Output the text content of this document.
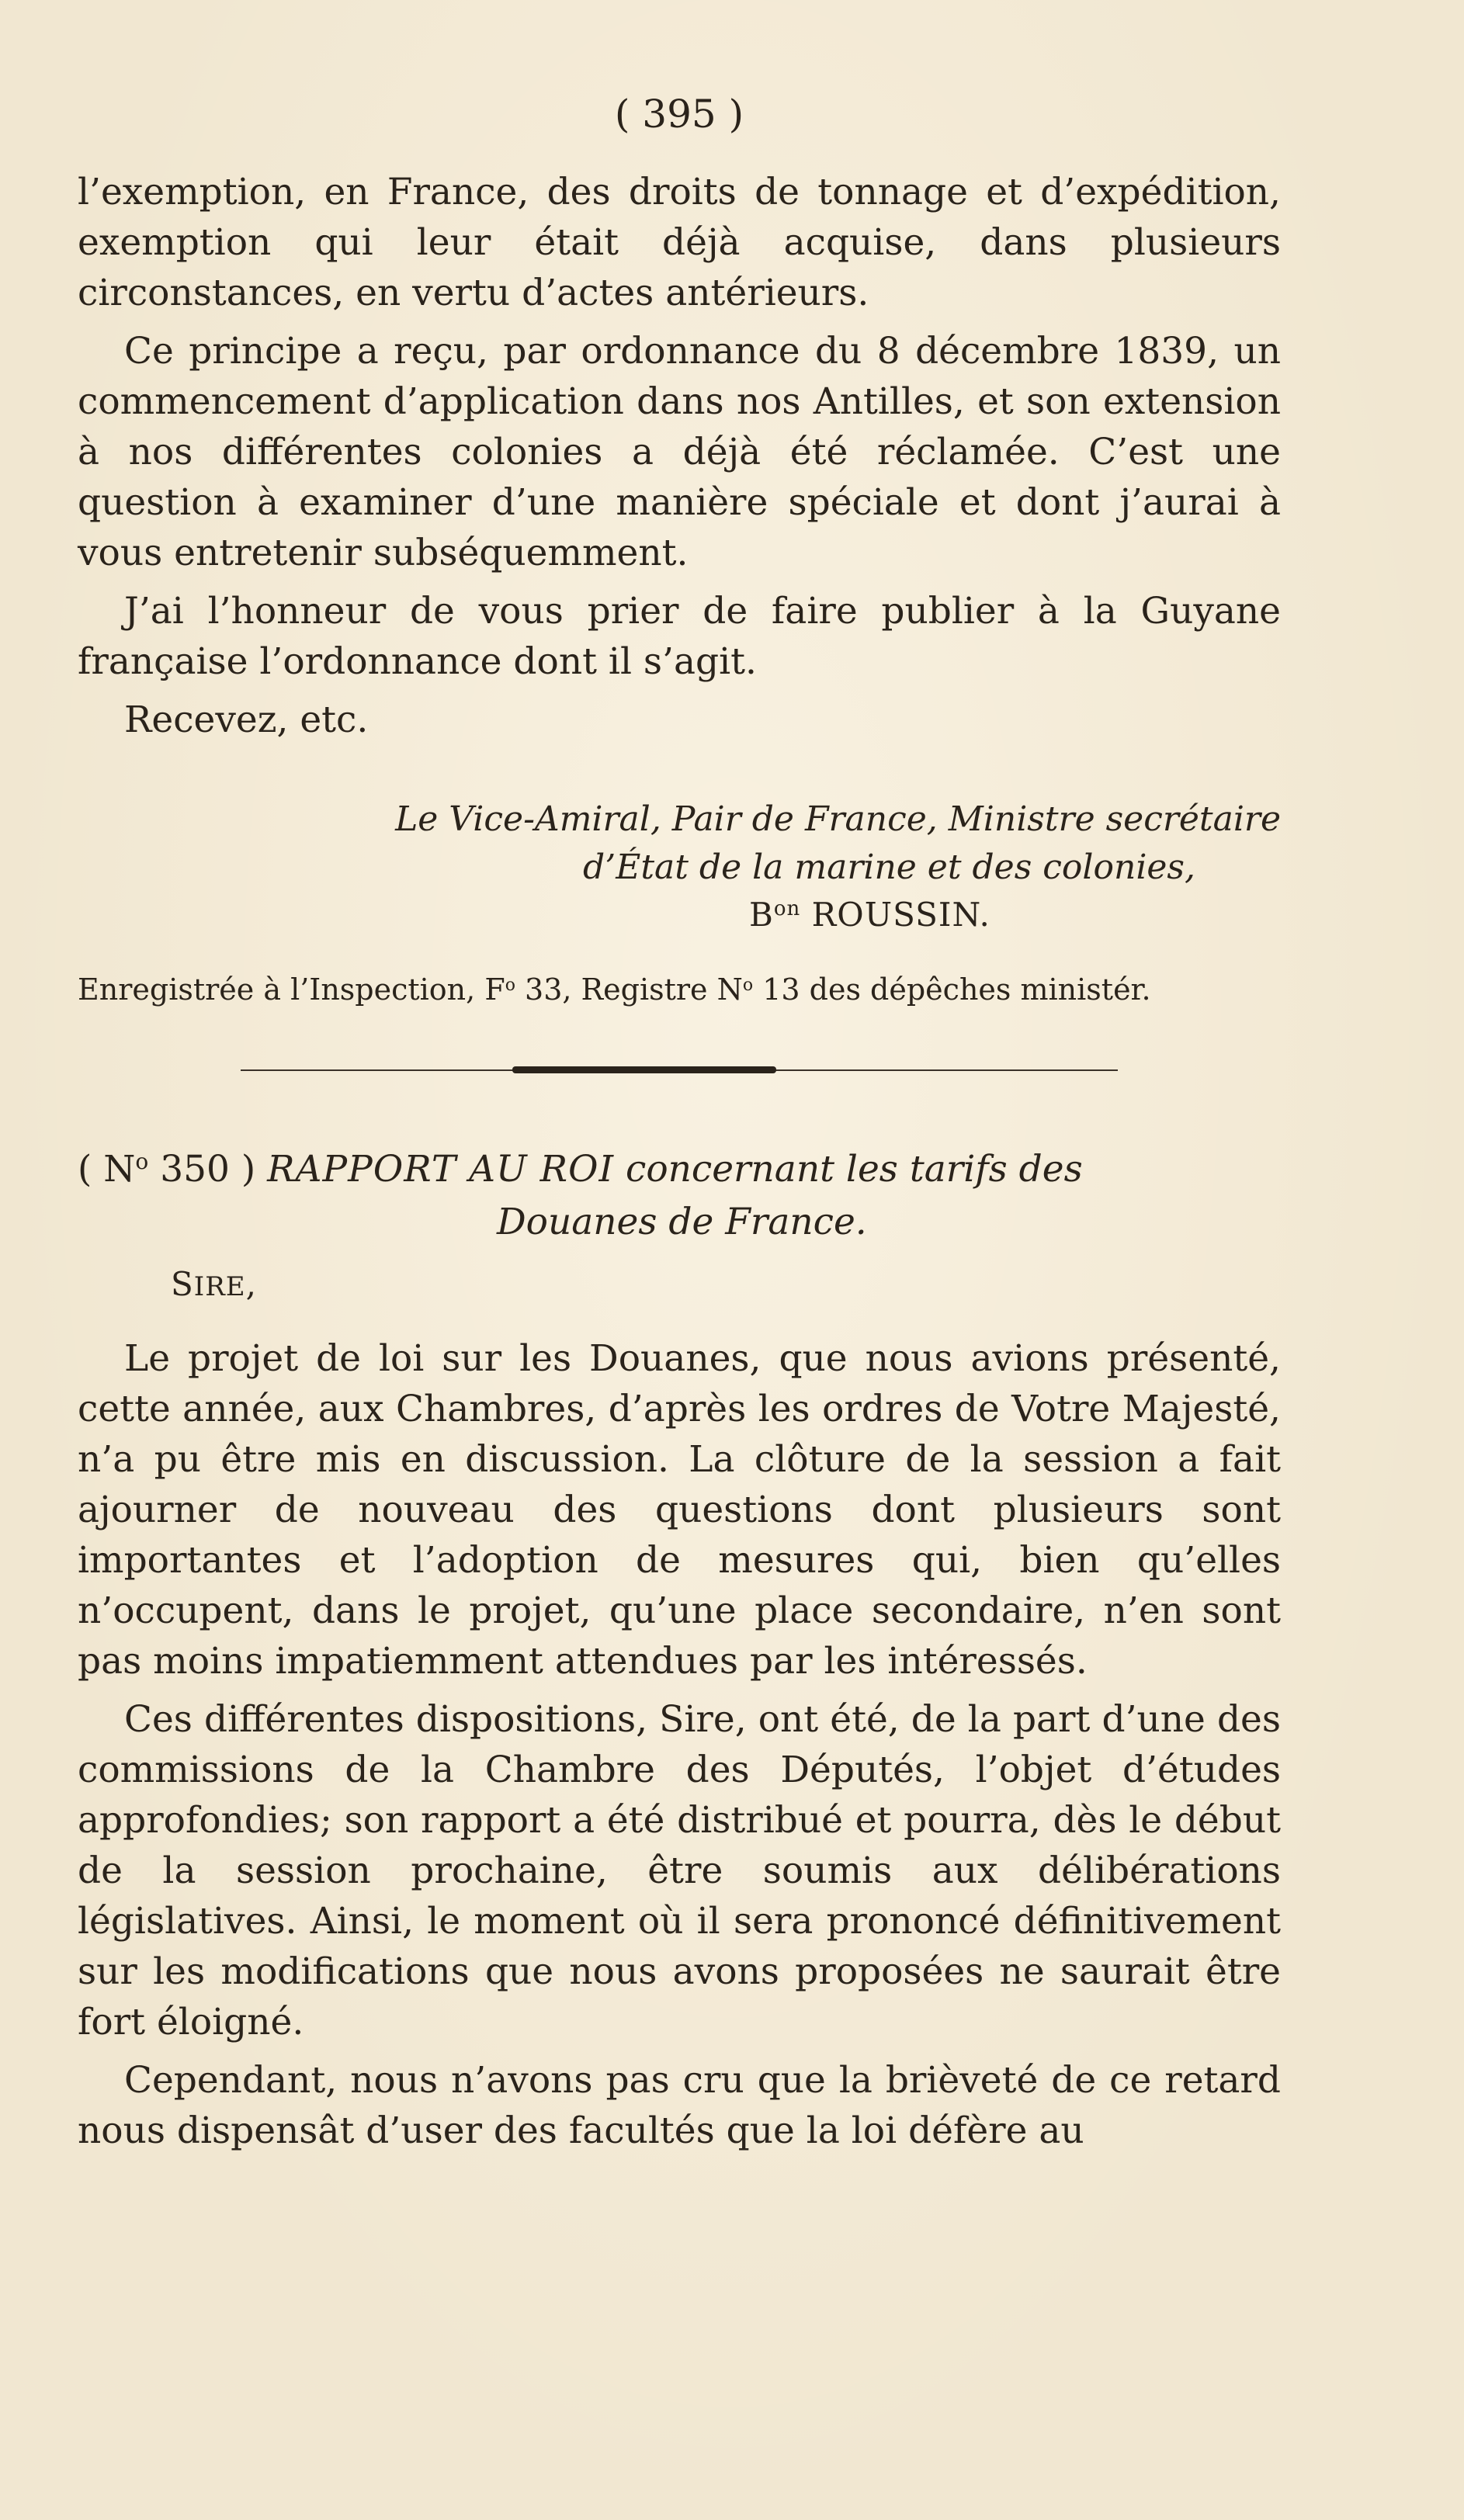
( 395 )

l’exemption, en France, des droits de tonnage et d’expédition, exemption qui leur était déjà acquise, dans plusieurs circonstances, en vertu d’actes antérieurs.

Ce principe a reçu, par ordonnance du 8 décembre 1839, un commencement d’application dans nos Antilles, et son extension à nos différentes colonies a déjà été réclamée. C’est une question à examiner d’une manière spéciale et dont j’aurai à vous entretenir subséquemment.

J’ai l’honneur de vous prier de faire publier à la Guyane française l’ordonnance dont il s’agit.

Recevez, etc.

Le Vice-Amiral, Pair de France, Ministre secrétaire
d’État de la marine et des colonies,
$B^{on}$ ROUSSIN.
Enregistrée à l’Inspection, $F^o$ 33, Registre $N^o$ 13 des dépêches ministér.
( $N^o$ 350 ) RAPPORT AU ROI concernant les tarifs des
Douanes de France.
SIRE,

Le projet de loi sur les Douanes, que nous avions présenté, cette année, aux Chambres, d’après les ordres de Votre Majesté, n’a pu être mis en discussion. La clôture de la session a fait ajourner de nouveau des questions dont plusieurs sont importantes et l’adoption de mesures qui, bien qu’elles n’occupent, dans le projet, qu’une place secondaire, n’en sont pas moins impatiemment attendues par les intéressés.

Ces différentes dispositions, Sire, ont été, de la part d’une des commissions de la Chambre des Députés, l’objet d’études approfondies; son rapport a été distribué et pourra, dès le début de la session prochaine, être soumis aux délibérations législatives. Ainsi, le moment où il sera prononcé définitivement sur les modifications que nous avons proposées ne saurait être fort éloigné.

Cependant, nous n’avons pas cru que la brièveté de ce retard nous dispensât d’user des facultés que la loi défère au
